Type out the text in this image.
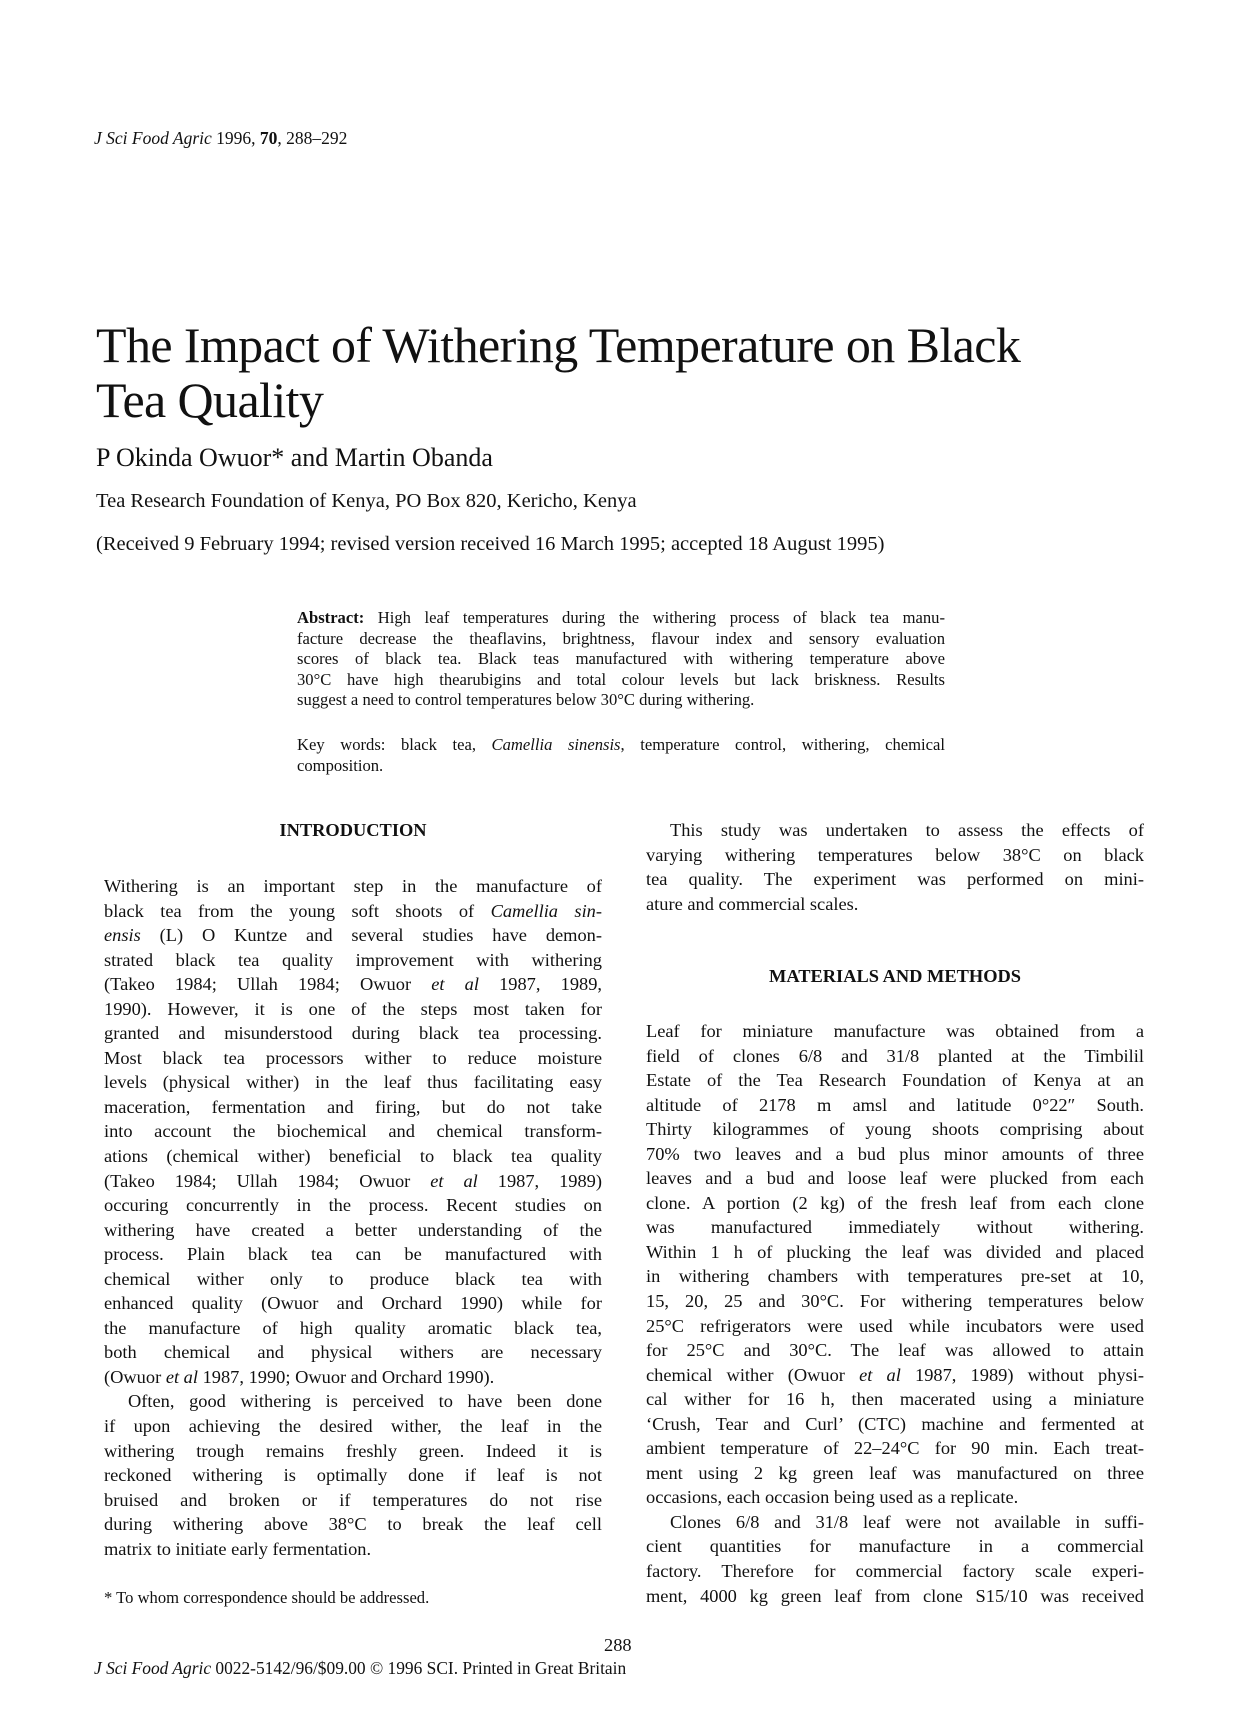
J Sci Food Agric 1996, 70, 288–292
The Impact of Withering Temperature on Black
Tea Quality
P Okinda Owuor* and Martin Obanda
Tea Research Foundation of Kenya, PO Box 820, Kericho, Kenya
(Received 9 February 1994; revised version received 16 March 1995; accepted 18 August 1995)
Abstract: High leaf temperatures during the withering process of black tea manu-
facture decrease the theaflavins, brightness, flavour index and sensory evaluation
scores of black tea. Black teas manufactured with withering temperature above
30°C have high thearubigins and total colour levels but lack briskness. Results
suggest a need to control temperatures below 30°C during withering.
Key words: black tea, Camellia sinensis, temperature control, withering, chemical
composition.
INTRODUCTION
Withering is an important step in the manufacture of
black tea from the young soft shoots of Camellia sin-
ensis (L) O Kuntze and several studies have demon-
strated black tea quality improvement with withering
(Takeo 1984; Ullah 1984; Owuor et al 1987, 1989,
1990). However, it is one of the steps most taken for
granted and misunderstood during black tea processing.
Most black tea processors wither to reduce moisture
levels (physical wither) in the leaf thus facilitating easy
maceration, fermentation and firing, but do not take
into account the biochemical and chemical transform-
ations (chemical wither) beneficial to black tea quality
(Takeo 1984; Ullah 1984; Owuor et al 1987, 1989)
occuring concurrently in the process. Recent studies on
withering have created a better understanding of the
process. Plain black tea can be manufactured with
chemical wither only to produce black tea with
enhanced quality (Owuor and Orchard 1990) while for
the manufacture of high quality aromatic black tea,
both chemical and physical withers are necessary
(Owuor et al 1987, 1990; Owuor and Orchard 1990).
Often, good withering is perceived to have been done
if upon achieving the desired wither, the leaf in the
withering trough remains freshly green. Indeed it is
reckoned withering is optimally done if leaf is not
bruised and broken or if temperatures do not rise
during withering above 38°C to break the leaf cell
matrix to initiate early fermentation.
* To whom correspondence should be addressed.
This study was undertaken to assess the effects of
varying withering temperatures below 38°C on black
tea quality. The experiment was performed on mini-
ature and commercial scales.
MATERIALS AND METHODS
Leaf for miniature manufacture was obtained from a
field of clones 6/8 and 31/8 planted at the Timbilil
Estate of the Tea Research Foundation of Kenya at an
altitude of 2178 m amsl and latitude 0°22″ South.
Thirty kilogrammes of young shoots comprising about
70% two leaves and a bud plus minor amounts of three
leaves and a bud and loose leaf were plucked from each
clone. A portion (2 kg) of the fresh leaf from each clone
was manufactured immediately without withering.
Within 1 h of plucking the leaf was divided and placed
in withering chambers with temperatures pre-set at 10,
15, 20, 25 and 30°C. For withering temperatures below
25°C refrigerators were used while incubators were used
for 25°C and 30°C. The leaf was allowed to attain
chemical wither (Owuor et al 1987, 1989) without physi-
cal wither for 16 h, then macerated using a miniature
‘Crush, Tear and Curl’ (CTC) machine and fermented at
ambient temperature of 22–24°C for 90 min. Each treat-
ment using 2 kg green leaf was manufactured on three
occasions, each occasion being used as a replicate.
Clones 6/8 and 31/8 leaf were not available in suffi-
cient quantities for manufacture in a commercial
factory. Therefore for commercial factory scale experi-
ment, 4000 kg green leaf from clone S15/10 was received
288
J Sci Food Agric 0022-5142/96/$09.00 © 1996 SCI. Printed in Great Britain
